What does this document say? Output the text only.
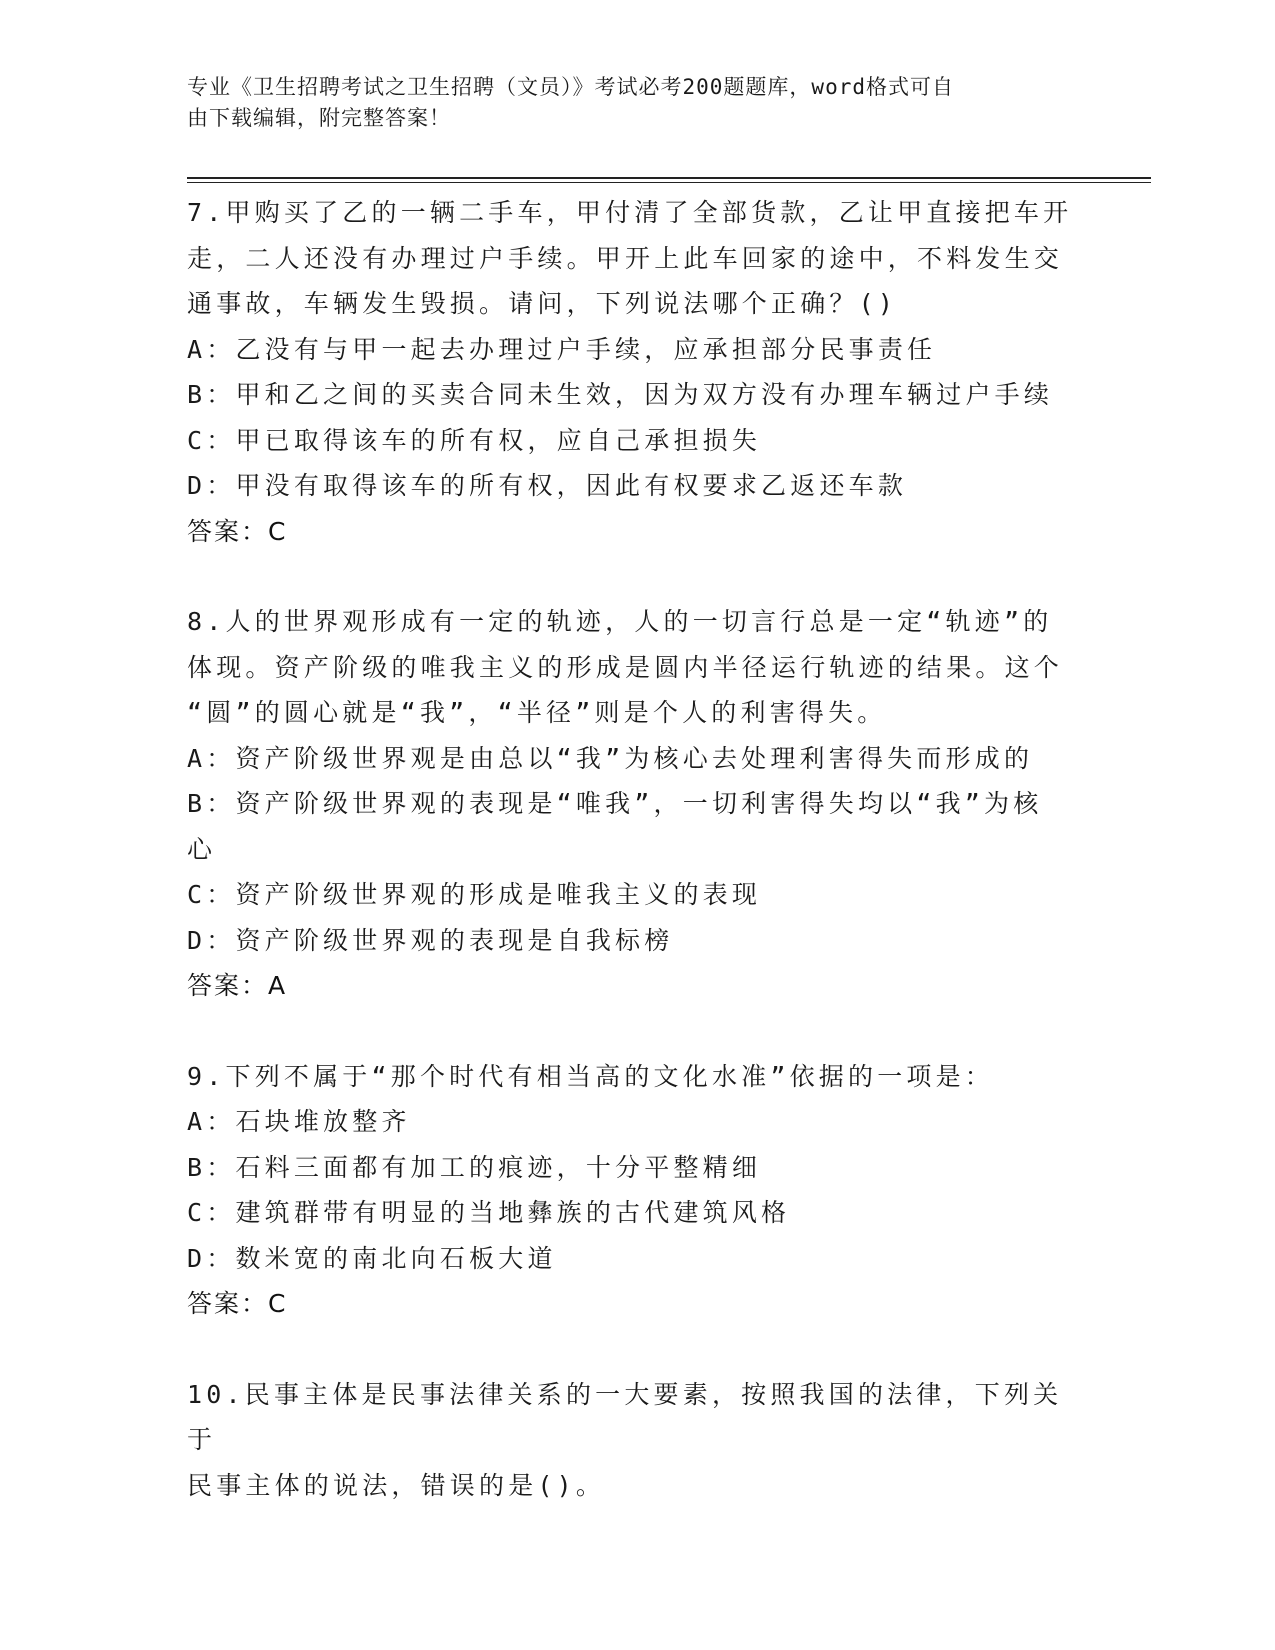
专业《卫生招聘考试之卫生招聘（文员）》考试必考200题题库，word格式可自
由下载编辑，附完整答案！
7.甲购买了乙的一辆二手车，甲付清了全部货款，乙让甲直接把车开
走，二人还没有办理过户手续。甲开上此车回家的途中，不料发生交
通事故，车辆发生毁损。请问，下列说法哪个正确？()
A：乙没有与甲一起去办理过户手续，应承担部分民事责任
B：甲和乙之间的买卖合同未生效，因为双方没有办理车辆过户手续
C：甲已取得该车的所有权，应自己承担损失
D：甲没有取得该车的所有权，因此有权要求乙返还车款
答案：C
8.人的世界观形成有一定的轨迹，人的一切言行总是一定“轨迹”的
体现。资产阶级的唯我主义的形成是圆内半径运行轨迹的结果。这个
“圆”的圆心就是“我”，“半径”则是个人的利害得失。
A：资产阶级世界观是由总以“我”为核心去处理利害得失而形成的
B：资产阶级世界观的表现是“唯我”，一切利害得失均以“我”为核
心
C：资产阶级世界观的形成是唯我主义的表现
D：资产阶级世界观的表现是自我标榜
答案：A
9.下列不属于“那个时代有相当高的文化水准”依据的一项是：
A：石块堆放整齐
B：石料三面都有加工的痕迹，十分平整精细
C：建筑群带有明显的当地彝族的古代建筑风格
D：数米宽的南北向石板大道
答案：C
10.民事主体是民事法律关系的一大要素，按照我国的法律，下列关于
民事主体的说法，错误的是()。
